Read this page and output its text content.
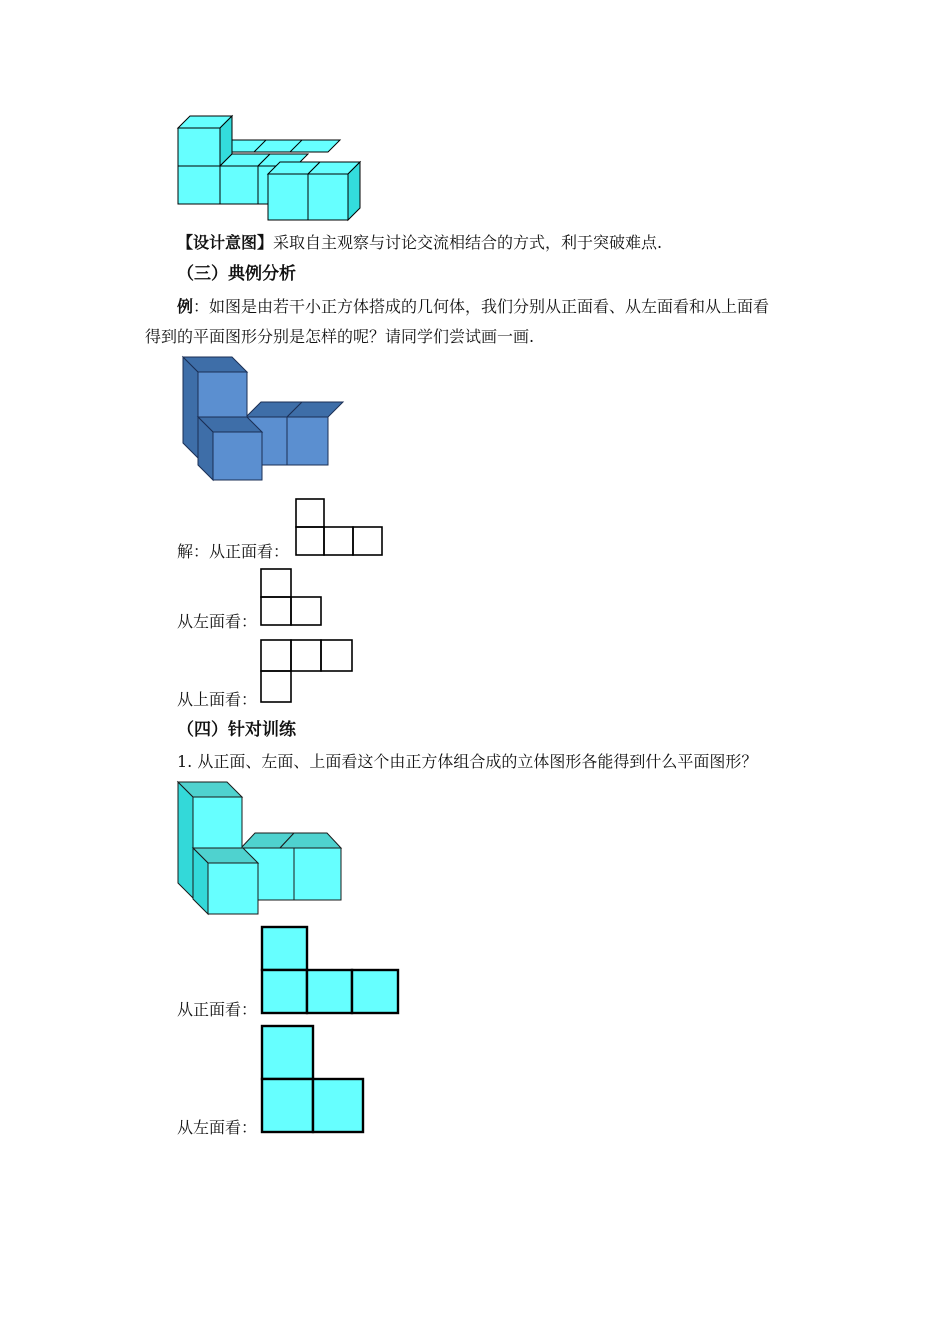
【设计意图】采取自主观察与讨论交流相结合的方式，利于突破难点.
（三）典例分析
例：如图是由若干小正方体搭成的几何体，我们分别从正面看、从左面看和从上面看
得到的平面图形分别是怎样的呢？请同学们尝试画一画.
解：从正面看：
从左面看：
从上面看：
（四）针对训练
1. 从正面、左面、上面看这个由正方体组合成的立体图形各能得到什么平面图形？
从正面看：
从左面看：
